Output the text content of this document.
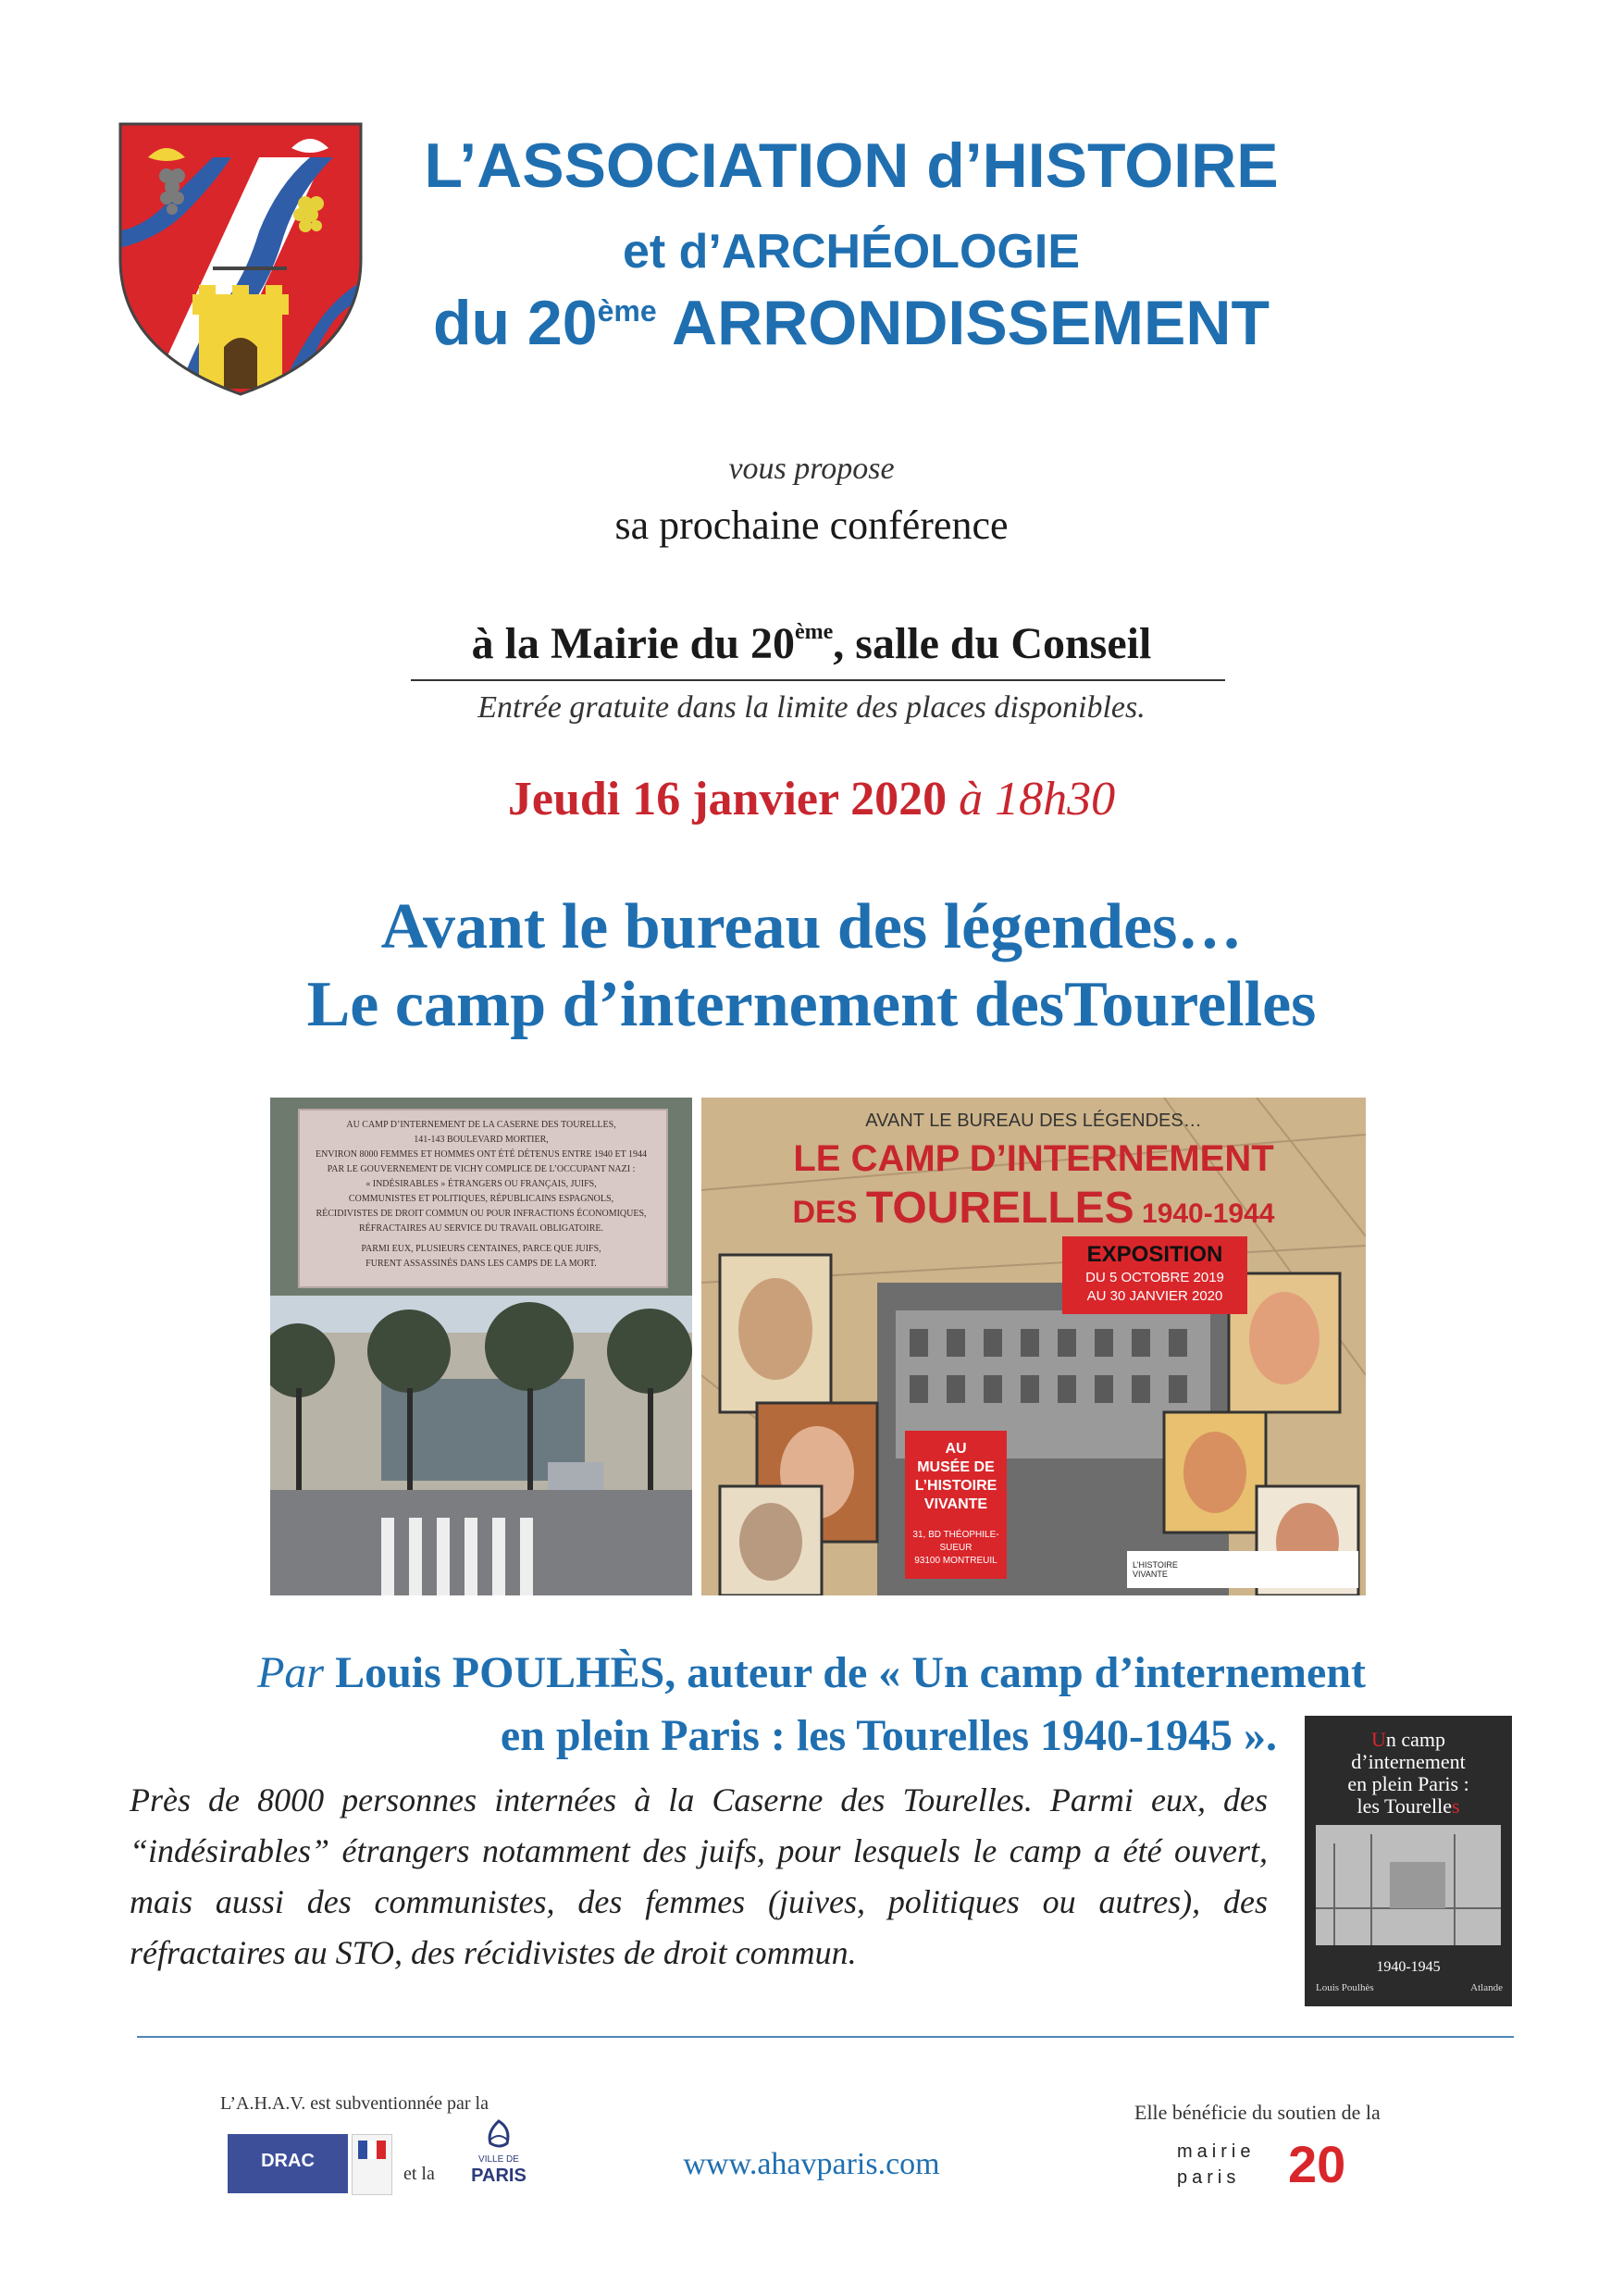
L’ASSOCIATION d’HISTOIRE
et d’ARCHÉOLOGIE
du 20ème ARRONDISSEMENT
vous propose
sa prochaine conférence
à la Mairie du 20ème, salle du Conseil
Entrée gratuite dans la limite des places disponibles.
Jeudi 16 janvier 2020 à 18h30
Avant le bureau des légendes…
Le camp d’internement desTourelles
AU CAMP D’INTERNEMENT DE LA CASERNE DES TOURELLES,
141-143 BOULEVARD MORTIER,
ENVIRON 8000 FEMMES ET HOMMES ONT ÉTÉ DÉTENUS ENTRE 1940 ET 1944
PAR LE GOUVERNEMENT DE VICHY COMPLICE DE L’OCCUPANT NAZI :
« INDÉSIRABLES » ÉTRANGERS OU FRANÇAIS, JUIFS,
COMMUNISTES ET POLITIQUES, RÉPUBLICAINS ESPAGNOLS,
RÉCIDIVISTES DE DROIT COMMUN OU POUR INFRACTIONS ÉCONOMIQUES,
RÉFRACTAIRES AU SERVICE DU TRAVAIL OBLIGATOIRE.
PARMI EUX, PLUSIEURS CENTAINES, PARCE QUE JUIFS,
FURENT ASSASSINÉS DANS LES CAMPS DE LA MORT.
AVANT LE BUREAU DES LÉGENDES…
LE CAMP D’INTERNEMENT
DES TOURELLES 1940-1944
EXPOSITION
DU 5 OCTOBRE 2019
AU 30 JANVIER 2020
AU
MUSÉE DE
L’HISTOIRE
VIVANTE
31, BD THÉOPHILE-SUEUR
93100 MONTREUIL	L’HISTOIRE VIVANTE
Par Louis POULHÈS, auteur de « Un camp d’internement
en plein Paris : les Tourelles 1940-1945 ».
Près de 8000 personnes internées à la Caserne des Tourelles. Parmi eux, des “indésirables” étrangers notamment des juifs, pour lesquels le camp a été ouvert, mais aussi des communistes, des femmes (juives, politiques ou autres), des réfractaires au STO, des récidivistes de droit commun.
Un camp
d’internement
en plein Paris :
les Tourelles
1940-1945
Louis Poulhès	Atlande
L’A.H.A.V. est subventionnée par la
DRAC
et la
VILLE DE
PARIS	www.ahavparis.com
Elle bénéficie du soutien de la
mairie
paris 20
